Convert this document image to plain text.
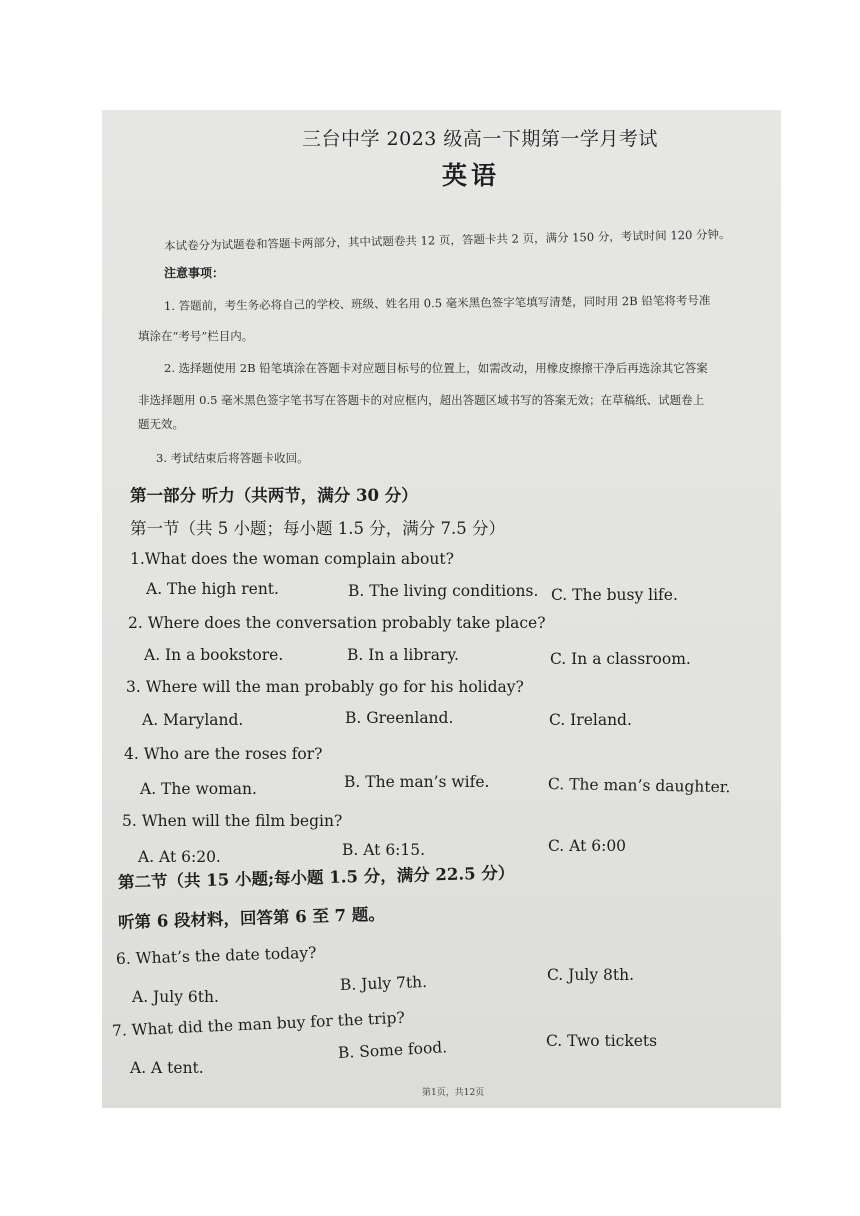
三台中学 2023 级高一下期第一学月考试
英语
本试卷分为试题卷和答题卡两部分，其中试题卷共 12 页，答题卡共 2 页，满分 150 分，考试时间 120 分钟。
注意事项：
1. 答题前，考生务必将自己的学校、班级、姓名用 0.5 毫米黑色签字笔填写清楚，同时用 2B 铅笔将考号准
填涂在“考号”栏目内。
2. 选择题使用 2B 铅笔填涂在答题卡对应题目标号的位置上，如需改动，用橡皮擦擦干净后再选涂其它答案
非选择题用 0.5 毫米黑色签字笔书写在答题卡的对应框内，超出答题区域书写的答案无效；在草稿纸、试题卷上
题无效。
3. 考试结束后将答题卡收回。
第一部分 听力（共两节，满分 30 分）
第一节（共 5 小题；每小题 1.5 分，满分 7.5 分）
1.What does the woman complain about?
A. The high rent.	B. The living conditions. C. The busy life.
2. Where does the conversation probably take place?
A. In a bookstore.	B. In a library.	C. In a classroom.
3. Where will the man probably go for his holiday?
A. Maryland.	B. Greenland.	C. Ireland.
4. Who are the roses for?
A. The woman.	B. The man’s wife.	C. The man’s daughter.
5. When will the film begin?
A. At 6:20.	B. At 6:15.	C. At 6:00
第二节（共 15 小题;每小题 1.5 分，满分 22.5 分）
听第 6 段材料，回答第 6 至 7 题。
6. What’s the date today?
A. July 6th.
B. July 7th.	C. July 8th.
7. What did the man buy for the trip?
A. A tent.
B. Some food.	C. Two tickets
第1页，共12页
